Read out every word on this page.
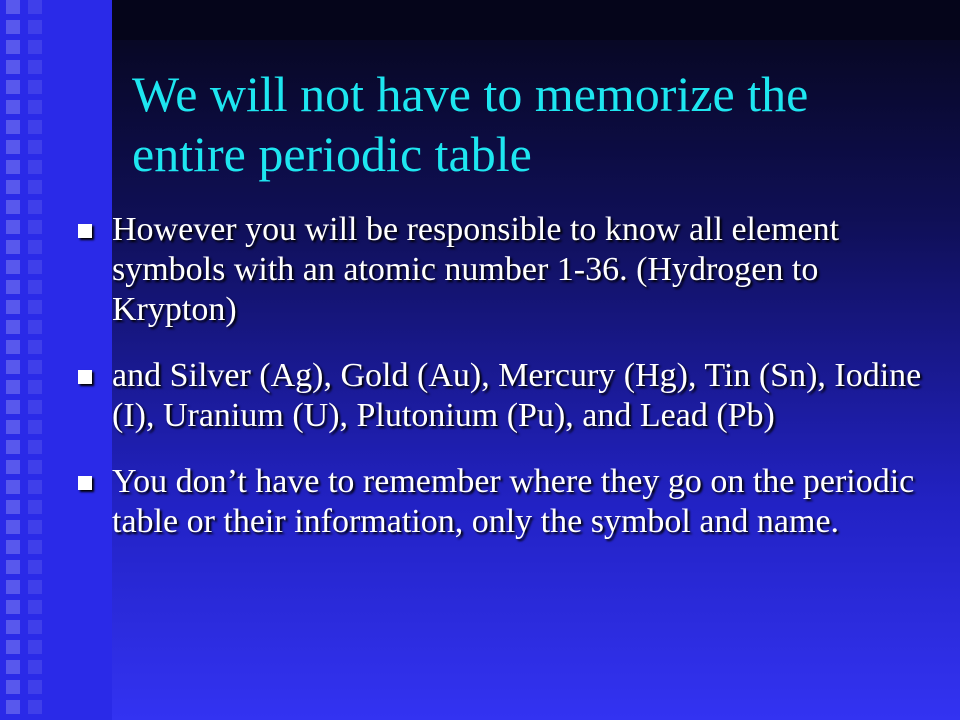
We will not have to memorize the entire periodic table
However you will be responsible to know all element symbols with an atomic number 1-36. (Hydrogen to Krypton)
and Silver (Ag), Gold (Au), Mercury (Hg), Tin (Sn), Iodine (I), Uranium (U), Plutonium (Pu), and Lead (Pb)
You don’t have to remember where they go on the periodic table or their information, only the symbol and name.
